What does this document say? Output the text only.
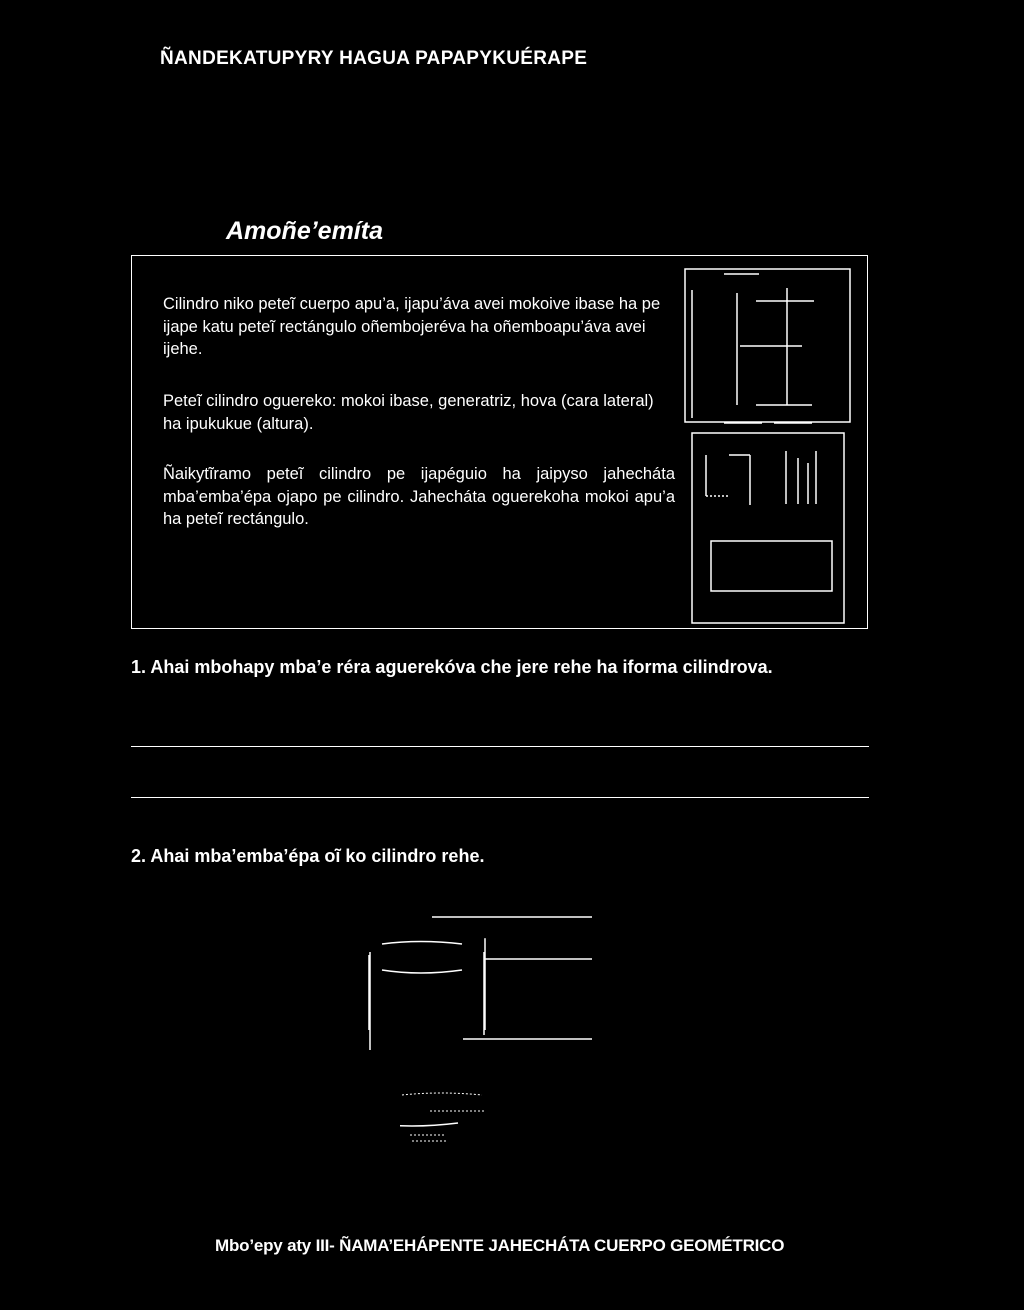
ÑANDEKATUPYRY HAGUA PAPAPYKUÉRAPE
Amoñe’emíta
Cilindro niko peteĩ cuerpo apu’a, ijapu’áva avei mokoive ibase ha pe ijape katu peteĩ rectángulo oñembojeréva ha oñemboapu’áva avei ijehe.
Peteĩ cilindro oguereko: mokoi ibase, generatriz, hova (cara lateral) ha ipukukue (altura).
Ñaikytĩramo peteĩ cilindro pe ijapéguio ha jaipyso jahecháta mba’emba’épa ojapo pe cilindro. Jahecháta oguerekoha mokoi apu’a ha peteĩ rectángulo.
1. Ahai mbohapy mba’e réra aguerekóva che jere rehe ha iforma cilindrova.
2. Ahai mba’emba’épa oĩ ko cilindro rehe.
Mbo’epy aty III- ÑAMA’EHÁPENTE JAHECHÁTA CUERPO GEOMÉTRICO
